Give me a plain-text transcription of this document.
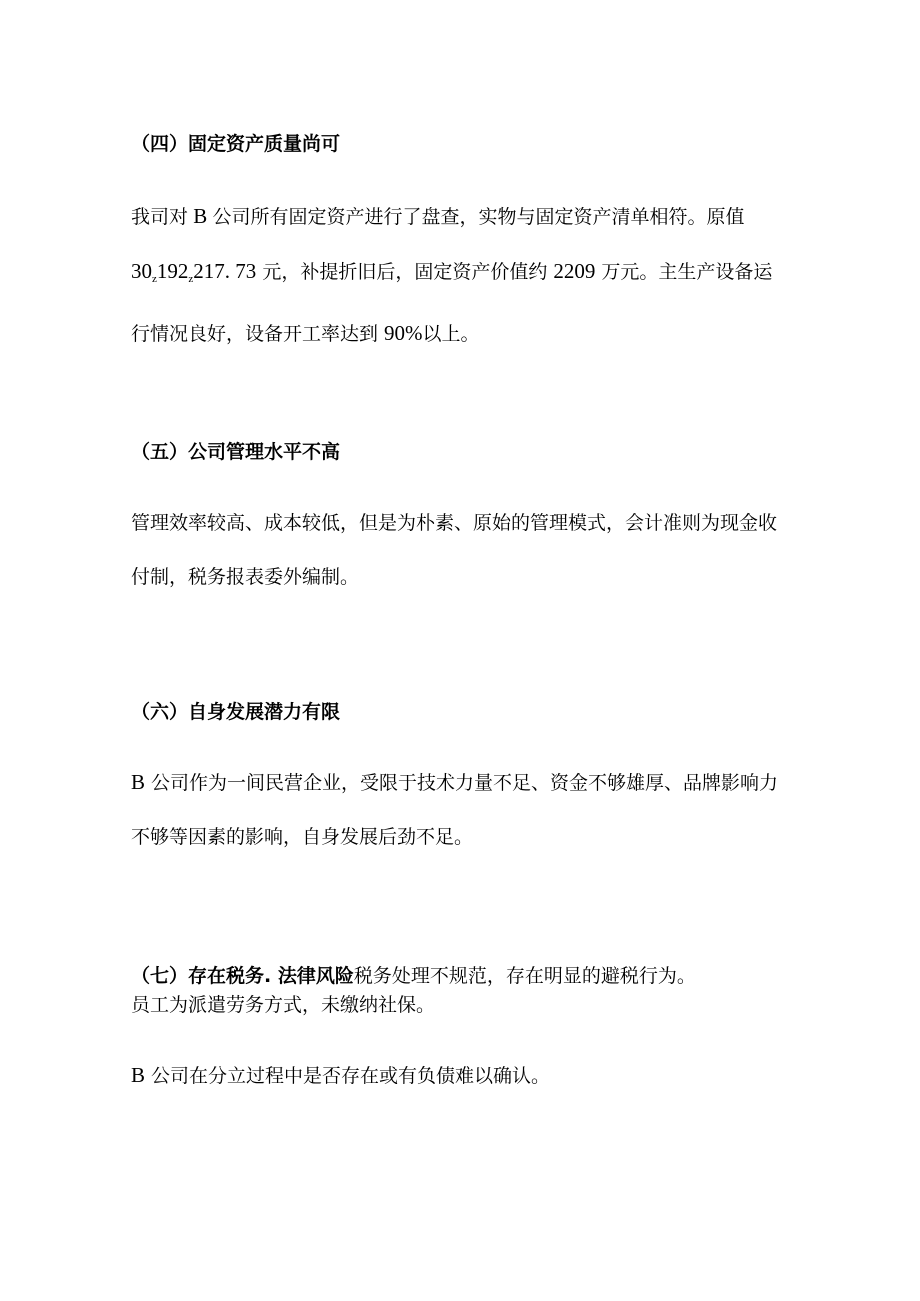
（四）固定资产质量尚可

我司对 B 公司所有固定资产进行了盘查，实物与固定资产清单相符。原值$30_z192_z217$. 73 元，补提折旧后，固定资产价值约 2209 万元。主生产设备运行情况良好，设备开工率达到 90%以上。

（五）公司管理水平不高

管理效率较高、成本较低，但是为朴素、原始的管理模式，会计准则为现金收付制，税务报表委外编制。

（六）自身发展潜力有限

B 公司作为一间民营企业，受限于技术力量不足、资金不够雄厚、品牌影响力不够等因素的影响，自身发展后劲不足。

（七）存在税务. 法律风险税务处理不规范，存在明显的避税行为。
员工为派遣劳务方式，未缴纳社保。
B 公司在分立过程中是否存在或有负债难以确认。
